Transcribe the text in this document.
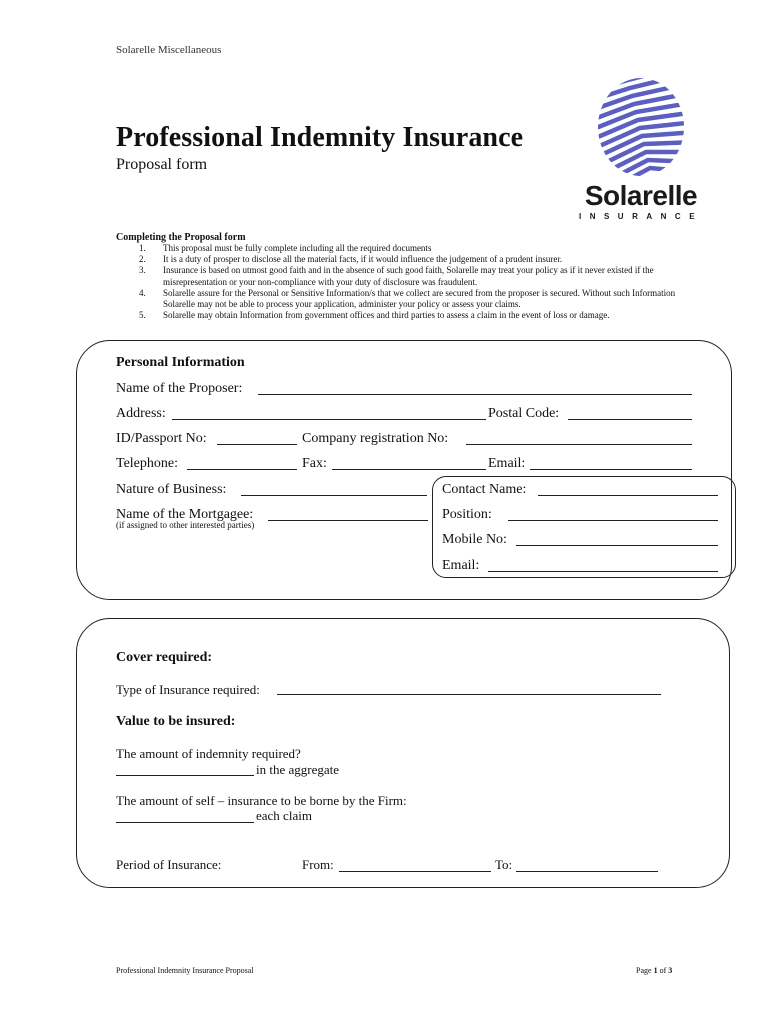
Solarelle Miscellaneous
Professional Indemnity Insurance
Proposal form
Solarelle
INSURANCE
Completing the Proposal form
1. This proposal must be fully complete including all the required documents
2. It is a duty of prosper to disclose all the material facts, if it would influence the judgement of a prudent insurer.
3. Insurance is based on utmost good faith and in the absence of such good faith, Solarelle may treat your policy as if it never existed if the misrepresentation or your non-compliance with your duty of disclosure was fraudulent.
4. Solarelle assure for the Personal or Sensitive Information/s that we collect are secured from the proposer is secured. Without such Information Solarelle may not be able to process your application, administer your policy or assess your claims.
5. Solarelle may obtain Information from government offices and third parties to assess a claim in the event of loss or damage.
Personal Information
Name of the Proposer:
Address:	Postal Code:
ID/Passport No:	Company registration No:
Telephone:	Fax:	Email:
Nature of Business:
Name of the Mortgagee:
(if assigned to other interested parties)
Contact Name:
Position:
Mobile No:
Email:
Cover required:
Type of Insurance required:
Value to be insured:
The amount of indemnity required?
in the aggregate
The amount of self – insurance to be borne by the Firm:
each claim
Period of Insurance:	From:	To:
Professional Indemnity Insurance Proposal	Page 1 of 3
